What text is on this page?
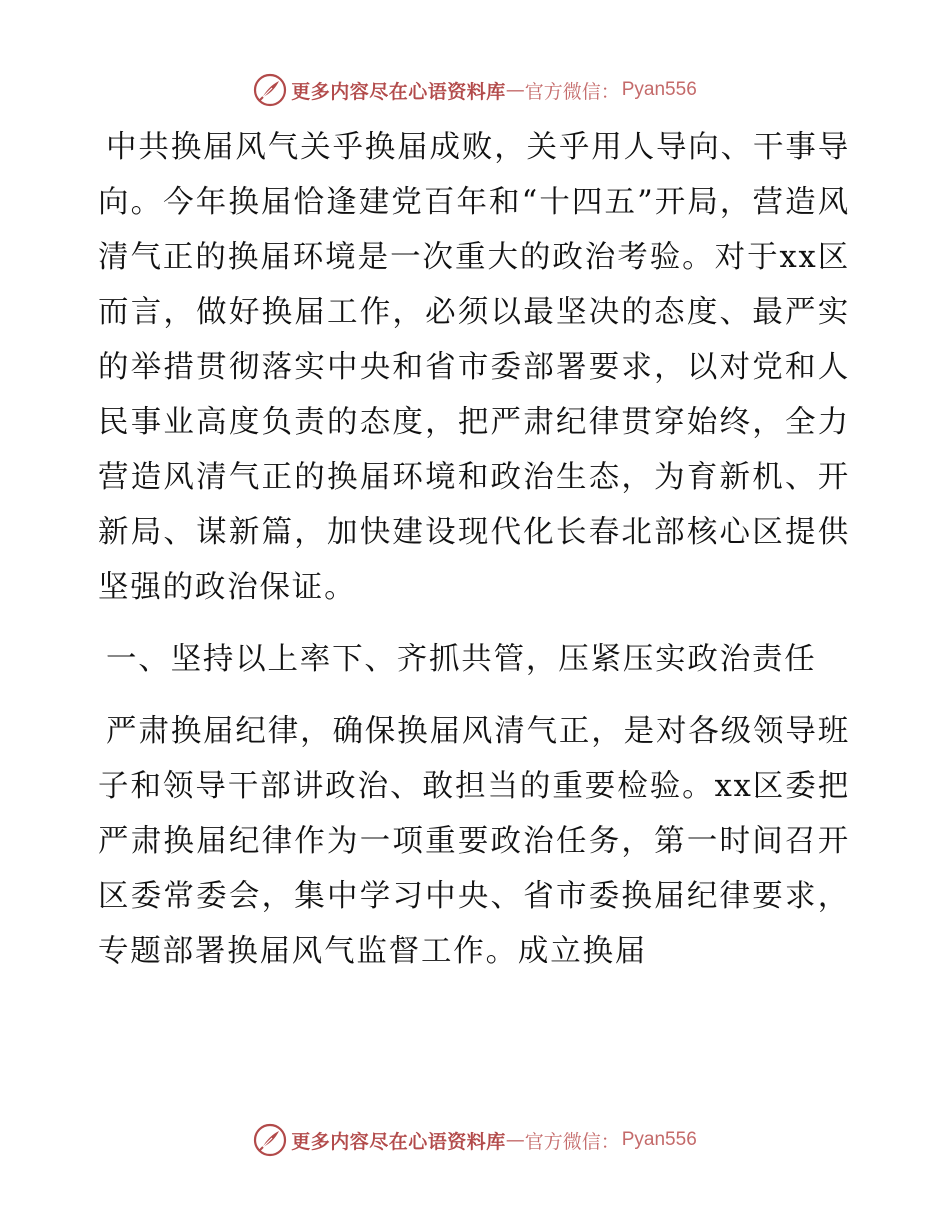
更多内容尽在心语资料库 — 官方微信： Pyan556

中共换届风气关乎换届成败，关乎用人导向、干事导向。今年换届恰逢建党百年和“十四五”开局，营造风清气正的换届环境是一次重大的政治考验。对于xx区而言，做好换届工作，必须以最坚决的态度、最严实的举措贯彻落实中央和省市委部署要求，以对党和人民事业高度负责的态度，把严肃纪律贯穿始终，全力营造风清气正的换届环境和政治生态，为育新机、开新局、谋新篇，加快建设现代化长春北部核心区提供坚强的政治保证。

一、坚持以上率下、齐抓共管，压紧压实政治责任

严肃换届纪律，确保换届风清气正，是对各级领导班子和领导干部讲政治、敢担当的重要检验。xx区委把严肃换届纪律作为一项重要政治任务，第一时间召开区委常委会，集中学习中央、省市委换届纪律要求，专题部署换届风气监督工作。成立换届

更多内容尽在心语资料库 — 官方微信： Pyan556
